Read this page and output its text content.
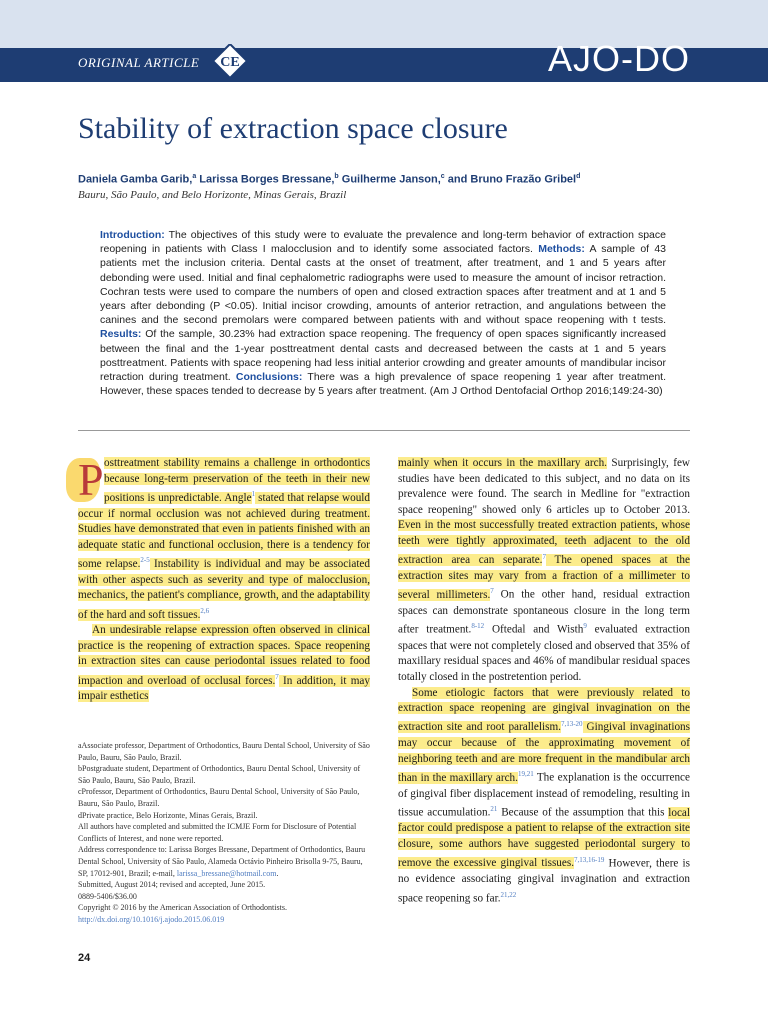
ORIGINAL ARTICLE CE	AJO-DO
Stability of extraction space closure
Daniela Gamba Garib,$^a$ Larissa Borges Bressane,$^b$ Guilherme Janson,$^c$ and Bruno Frazão Gribel$^d$
Bauru, São Paulo, and Belo Horizonte, Minas Gerais, Brazil
Introduction: The objectives of this study were to evaluate the prevalence and long-term behavior of extraction space reopening in patients with Class I malocclusion and to identify some associated factors. Methods: A sample of 43 patients met the inclusion criteria. Dental casts at the onset of treatment, after treatment, and 1 and 5 years after debonding were used. Initial and final cephalometric radiographs were used to measure the amount of incisor retraction. Cochran tests were used to compare the numbers of open and closed extraction spaces after treatment and at 1 and 5 years after debonding (P <0.05). Initial incisor crowding, amounts of anterior retraction, and angulations between the canines and the second premolars were compared between patients with and without space reopening with t tests. Results: Of the sample, 30.23% had extraction space reopening. The frequency of open spaces significantly increased between the final and the 1-year posttreatment dental casts and decreased between the casts at 1 and 5 years posttreatment. Patients with space reopening had less initial anterior crowding and greater amounts of mandibular incisor retraction during treatment. Conclusions: There was a high prevalence of space reopening 1 year after treatment. However, these spaces tended to decrease by 5 years after treatment. (Am J Orthod Dentofacial Orthop 2016;149:24-30)

P osttreatment stability remains a challenge in orthodontics because long-term preservation of the teeth in their new positions is unpredictable. Angle$^1$ stated that relapse would occur if normal occlusion was not achieved during treatment. Studies have demonstrated that even in patients finished with an adequate static and functional occlusion, there is a tendency for some relapse.$^{2-5}$ Instability is individual and may be associated with other aspects such as severity and type of malocclusion, mechanics, the patient's compliance, growth, and the adaptability of the hard and soft tissues.$^{2,6}$

An undesirable relapse expression often observed in clinical practice is the reopening of extraction spaces. Space reopening in extraction sites can cause periodontal issues related to food impaction and overload of occlusal forces.$^7$ In addition, it may impair esthetics

mainly when it occurs in the maxillary arch. Surprisingly, few studies have been dedicated to this subject, and no data on its prevalence were found. The search in Medline for "extraction space reopening" showed only 6 articles up to October 2013. Even in the most successfully treated extraction patients, whose teeth were tightly approximated, teeth adjacent to the old extraction area can separate.$^7$ The opened spaces at the extraction sites may vary from a fraction of a millimeter to several millimeters.$^7$ On the other hand, residual extraction spaces can demonstrate spontaneous closure in the long term after treatment.$^{8-12}$ Oftedal and Wisth$^9$ evaluated extraction spaces that were not completely closed and observed that 35% of maxillary residual spaces and 46% of mandibular residual spaces totally closed in the postretention period.

Some etiologic factors that were previously related to extraction space reopening are gingival invagination on the extraction site and root parallelism.$^{7,13-20}$ Gingival invaginations may occur because of the approximating movement of neighboring teeth and are more frequent in the mandibular arch than in the maxillary arch.$^{19,21}$ The explanation is the occurrence of gingival fiber displacement instead of remodeling, resulting in tissue accumulation.$^{21}$ Because of the assumption that this local factor could predispose a patient to relapse of the extraction site closure, some authors have suggested periodontal surgery to remove the excessive gingival tissues.$^{7,13,16-19}$ However, there is no evidence associating gingival invagination and extraction space reopening so far.$^{21,22}$

aAssociate professor, Department of Orthodontics, Bauru Dental School, University of São Paulo, Bauru, São Paulo, Brazil.

bPostgraduate student, Department of Orthodontics, Bauru Dental School, University of São Paulo, Bauru, São Paulo, Brazil.

cProfessor, Department of Orthodontics, Bauru Dental School, University of São Paulo, Bauru, São Paulo, Brazil.

dPrivate practice, Belo Horizonte, Minas Gerais, Brazil.

All authors have completed and submitted the ICMJE Form for Disclosure of Potential Conflicts of Interest, and none were reported.

Address correspondence to: Larissa Borges Bressane, Department of Orthodontics, Bauru Dental School, University of São Paulo, Alameda Octávio Pinheiro Brisolla 9-75, Bauru, SP, 17012-901, Brazil; e-mail, larissa_bressane@hotmail.com.

Submitted, August 2014; revised and accepted, June 2015.

0889-5406/$36.00

Copyright © 2016 by the American Association of Orthodontists.

http://dx.doi.org/10.1016/j.ajodo.2015.06.019

24
